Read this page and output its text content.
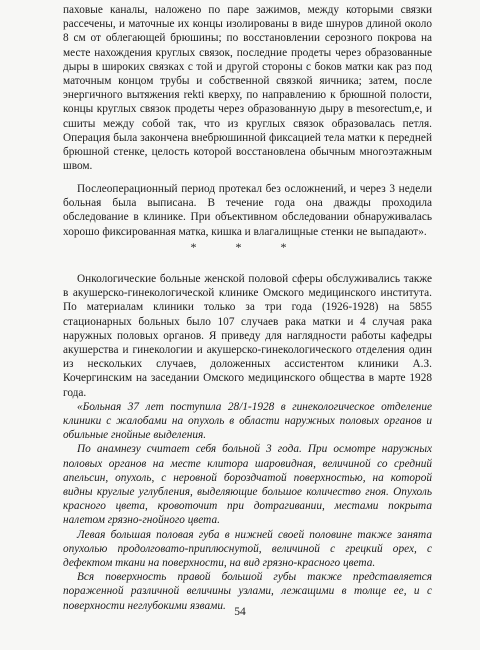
паховые каналы, наложено по паре зажимов, между которыми связки рассечены, и маточные их концы изолированы в виде шнуров длиной около 8 см от облегающей брюшины; по восстановлении серозного покрова на месте нахождения круглых связок, последние продеты через образованные дыры в широких связках с той и другой стороны с боков матки как раз под маточным концом трубы и собственной связкой яичника; затем, после энергичного вытяжения rekti кверху, по направлению к брюшной полости, концы круглых связок продеты через образованную дыру в mesorectum,e, и сшиты между собой так, что из круглых связок образовалась петля. Операция была закончена внебрюшинной фиксацией тела матки к передней брюшной стенке, целость которой восстановлена обычным многоэтажным швом.

Послеоперационный период протекал без осложнений, и через 3 недели больная была выписана. В течение года она дважды проходила обследование в клинике. При объективном обследовании обнаруживалась хорошо фиксированная матка, кишка и влагалищные стенки не выпадают».

* * *

Онкологические больные женской половой сферы обслуживались также в акушерско-гинекологической клинике Омского медицинского института. По материалам клиники только за три года (1926-1928) на 5855 стационарных больных было 107 случаев рака матки и 4 случая рака наружных половых органов. Я приведу для наглядности работы кафедры акушерства и гинекологии и акушерско-гинекологического отделения один из нескольких случаев, доложенных ассистентом клиники А.З. Кочергинским на заседании Омского медицинского общества в марте 1928 года.

«Больная 37 лет поступила 28/1-1928 в гинекологическое отделение клиники с жалобами на опухоль в области наружных половых органов и обильные гнойные выделения.

По анамнезу считает себя больной 3 года. При осмотре наружных половых органов на месте клитора шаровидная, величиной со средний апельсин, опухоль, с неровной бороздчатой поверхностью, на которой видны круглые углубления, выделяющие большое количество гноя. Опухоль красного цвета, кровоточит при дотрагивании, местами покрыта налетом грязно-гнойного цвета.

Левая большая половая губа в нижней своей половине также занята опухолью продолговато-приплюснутой, величиной с грецкий орех, с дефектом ткани на поверхности, на вид грязно-красного цвета.

Вся поверхность правой большой губы также представляется пораженной различной величины узлами, лежащими в толще ее, и с поверхности неглубокими язвами.

54
